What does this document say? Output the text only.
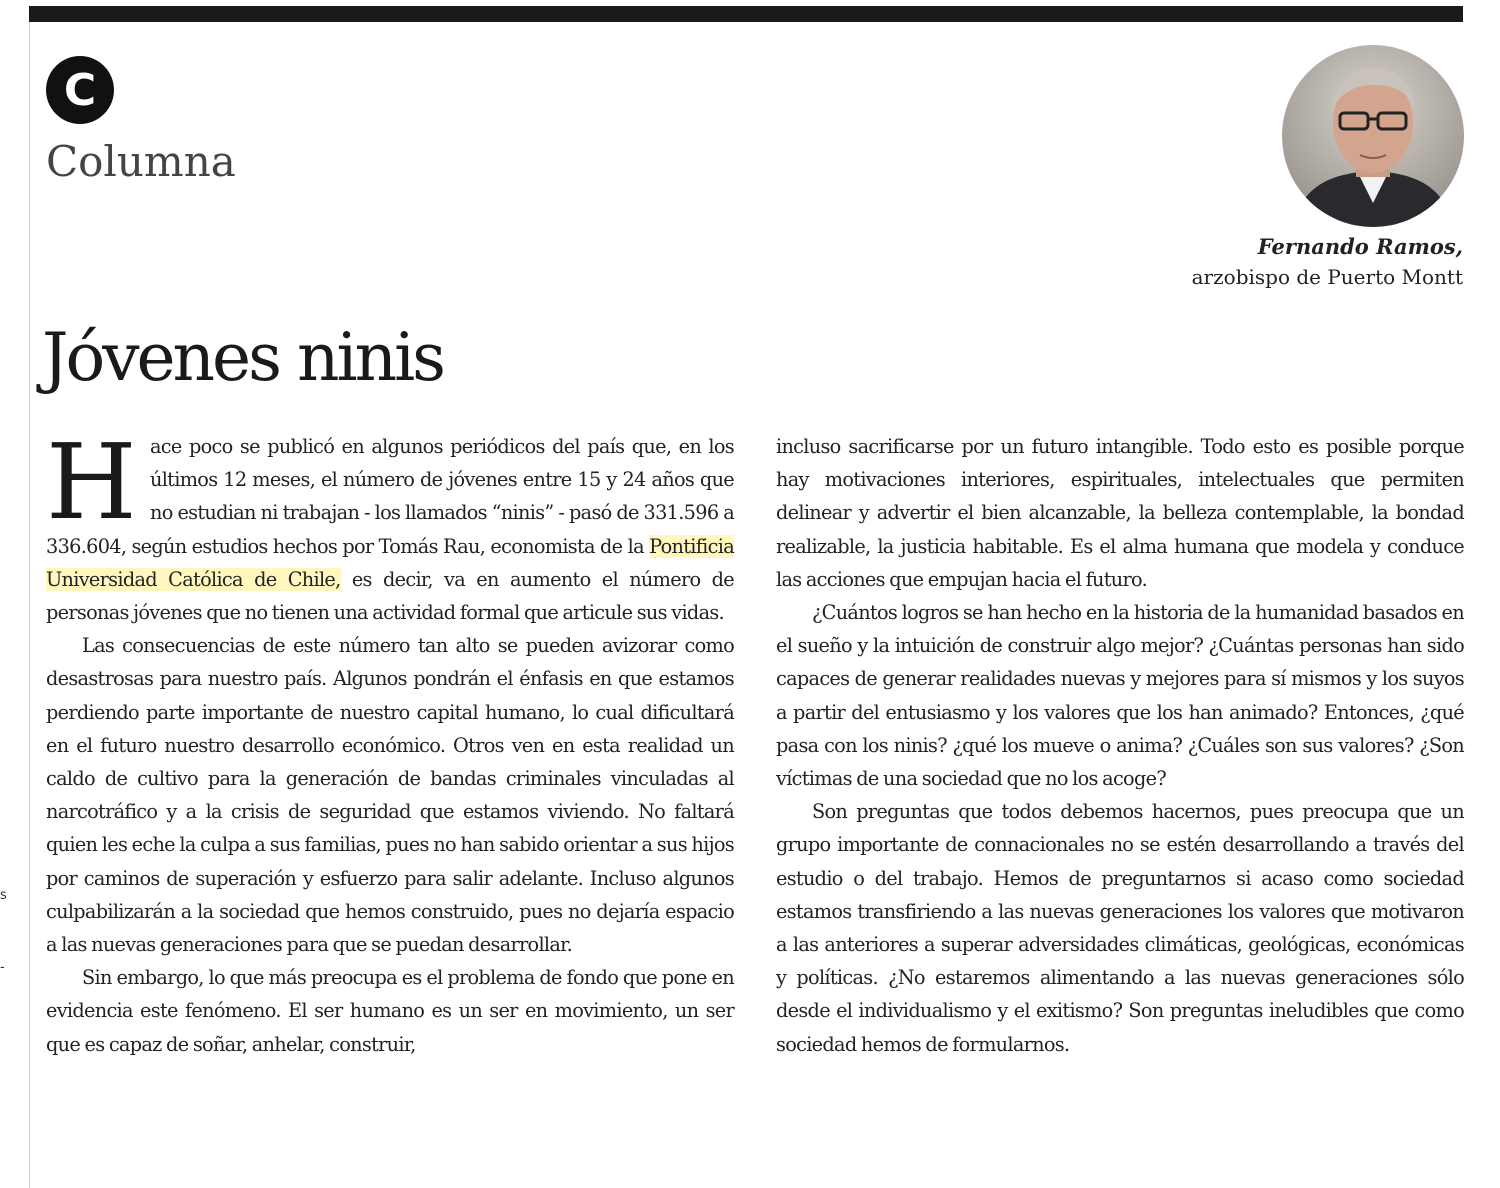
s
-
C
Columna
Fernando Ramos,
arzobispo de Puerto Montt
Jóvenes ninis

Hace poco se publicó en algunos periódicos del país que, en los últimos 12 meses, el número de jóvenes entre 15 y 24 años que no estudian ni trabajan - los llamados “ninis” - pasó de 331.596 a 336.604, según estudios hechos por Tomás Rau, economista de la Pontificia Universidad Católica de Chile, es decir, va en aumento el número de personas jóvenes que no tienen una actividad formal que articule sus vidas.

Las consecuencias de este número tan alto se pueden avizorar como desastrosas para nuestro país. Algunos pondrán el énfasis en que estamos perdiendo parte importante de nuestro capital humano, lo cual dificultará en el futuro nuestro desarrollo económico. Otros ven en esta realidad un caldo de cultivo para la generación de bandas criminales vinculadas al narcotráfico y a la crisis de seguridad que estamos viviendo. No faltará quien les eche la culpa a sus familias, pues no han sabido orientar a sus hijos por caminos de superación y esfuerzo para salir adelante. Incluso algunos culpabilizarán a la sociedad que hemos construido, pues no dejaría espacio a las nuevas generaciones para que se puedan desarrollar.

Sin embargo, lo que más preocupa es el problema de fondo que pone en evidencia este fenómeno. El ser humano es un ser en movimiento, un ser que es capaz de soñar, anhelar, construir,

incluso sacrificarse por un futuro intangible. Todo esto es posible porque hay motivaciones interiores, espirituales, intelectuales que permiten delinear y advertir el bien alcanzable, la belleza contemplable, la bondad realizable, la justicia habitable. Es el alma humana que modela y conduce las acciones que empujan hacia el futuro.

¿Cuántos logros se han hecho en la historia de la humanidad basados en el sueño y la intuición de construir algo mejor? ¿Cuántas personas han sido capaces de generar realidades nuevas y mejores para sí mismos y los suyos a partir del entusiasmo y los valores que los han animado? Entonces, ¿qué pasa con los ninis? ¿qué los mueve o anima? ¿Cuáles son sus valores? ¿Son víctimas de una sociedad que no los acoge?

Son preguntas que todos debemos hacernos, pues preocupa que un grupo importante de connacionales no se estén desarrollando a través del estudio o del trabajo. Hemos de preguntarnos si acaso como sociedad estamos transfiriendo a las nuevas generaciones los valores que motivaron a las anteriores a superar adversidades climáticas, geológicas, económicas y políticas. ¿No estaremos alimentando a las nuevas generaciones sólo desde el individualismo y el exitismo? Son preguntas ineludibles que como sociedad hemos de formularnos.
